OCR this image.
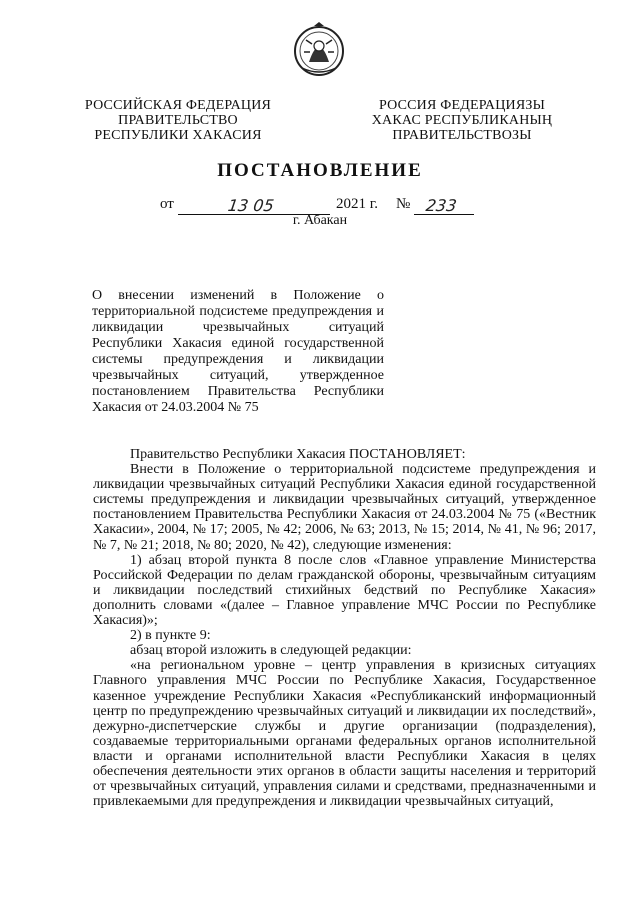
РОССИЙСКАЯ ФЕДЕРАЦИЯ
ПРАВИТЕЛЬСТВО
РЕСПУБЛИКИ ХАКАСИЯ
РОССИЯ ФЕДЕРАЦИЯЗЫ
ХАКАС РЕСПУБЛИКАНЫҢ
ПРАВИТЕЛЬСТВОЗЫ
ПОСТАНОВЛЕНИЕ
от	13 05	2021 г. № 233
г. Абакан
О внесении изменений в Положение о территориальной подсистеме предупреждения и ликвидации чрезвычайных ситуаций Республики Хакасия единой государственной системы предупреждения и ликвидации чрезвычайных ситуаций, утвержденное постановлением Правительства Республики Хакасия от 24.03.2004 № 75

Правительство Республики Хакасия ПОСТАНОВЛЯЕТ:

Внести в Положение о территориальной подсистеме предупреждения и ликвидации чрезвычайных ситуаций Республики Хакасия единой государственной системы предупреждения и ликвидации чрезвычайных ситуаций, утвержденное постановлением Правительства Республики Хакасия от 24.03.2004 № 75 («Вестник Хакасии», 2004, № 17; 2005, № 42; 2006, № 63; 2013, № 15; 2014, № 41, № 96; 2017, № 7, № 21; 2018, № 80; 2020, № 42), следующие изменения:

1) абзац второй пункта 8 после слов «Главное управление Министерства Российской Федерации по делам гражданской обороны, чрезвычайным ситуациям и ликвидации последствий стихийных бедствий по Республике Хакасия» дополнить словами «(далее – Главное управление МЧС России по Республике Хакасия)»;

2) в пункте 9:

абзац второй изложить в следующей редакции:

«на региональном уровне – центр управления в кризисных ситуациях Главного управления МЧС России по Республике Хакасия, Государственное казенное учреждение Республики Хакасия «Республиканский информационный центр по предупреждению чрезвычайных ситуаций и ликвидации их последствий», дежурно-диспетчерские службы и другие организации (подразделения), создаваемые территориальными органами федеральных органов исполнительной власти и органами исполнительной власти Республики Хакасия в целях обеспечения деятельности этих органов в области защиты населения и территорий от чрезвычайных ситуаций, управления силами и средствами, предназначенными и привлекаемыми для предупреждения и ликвидации чрезвычайных ситуаций,
